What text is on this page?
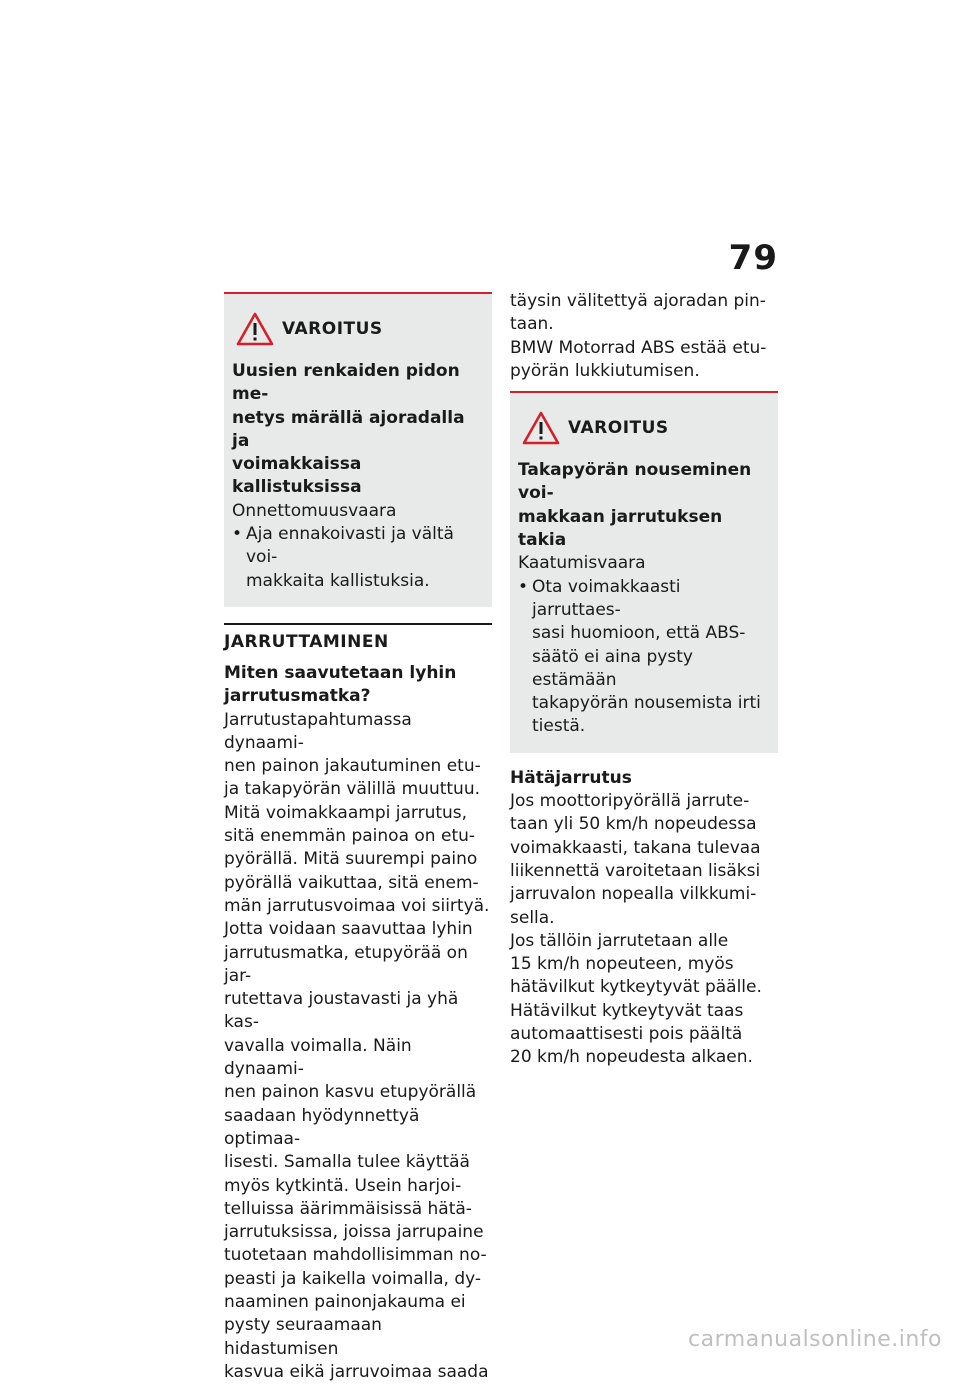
79
VAROITUS

Uusien renkaiden pidon me-
netys märällä ajoradalla ja
voimakkaissa kallistuksissa

Onnettomuusvaara

• Aja ennakoivasti ja vältä voi-
makkaita kallistuksia.

JARRUTTAMINEN

Miten saavutetaan lyhin
jarrutusmatka?

Jarrutustapahtumassa dynaami-

nen painon jakautuminen etu-

ja takapyörän välillä muuttuu.

Mitä voimakkaampi jarrutus,

sitä enemmän painoa on etu-

pyörällä. Mitä suurempi paino

pyörällä vaikuttaa, sitä enem-

män jarrutusvoimaa voi siirtyä.

Jotta voidaan saavuttaa lyhin

jarrutusmatka, etupyörää on jar-

rutettava joustavasti ja yhä kas-

vavalla voimalla. Näin dynaami-

nen painon kasvu etupyörällä

saadaan hyödynnettyä optimaa-

lisesti. Samalla tulee käyttää

myös kytkintä. Usein harjoi-

telluissa äärimmäisissä hätä-

jarrutuksissa, joissa jarrupaine

tuotetaan mahdollisimman no-

peasti ja kaikella voimalla, dy-

naaminen painonjakauma ei

pysty seuraamaan hidastumisen

kasvua eikä jarruvoimaa saada

täysin välitettyä ajoradan pin-

taan.

BMW Motorrad ABS estää etu-

pyörän lukkiutumisen.

VAROITUS

Takapyörän nouseminen voi-
makkaan jarrutuksen takia

Kaatumisvaara

• Ota voimakkaasti jarruttaes-
sasi huomioon, että ABS-
säätö ei aina pysty estämään
takapyörän nousemista irti
tiestä.

Hätäjarrutus

Jos moottoripyörällä jarrute-

taan yli 50 km/h nopeudessa

voimakkaasti, takana tulevaa

liikennettä varoitetaan lisäksi

jarruvalon nopealla vilkkumi-

sella.

Jos tällöin jarrutetaan alle

15 km/h nopeuteen, myös

hätävilkut kytkeytyvät päälle.

Hätävilkut kytkeytyvät taas

automaattisesti pois päältä

20 km/h nopeudesta alkaen.

carmanualsonline.info
